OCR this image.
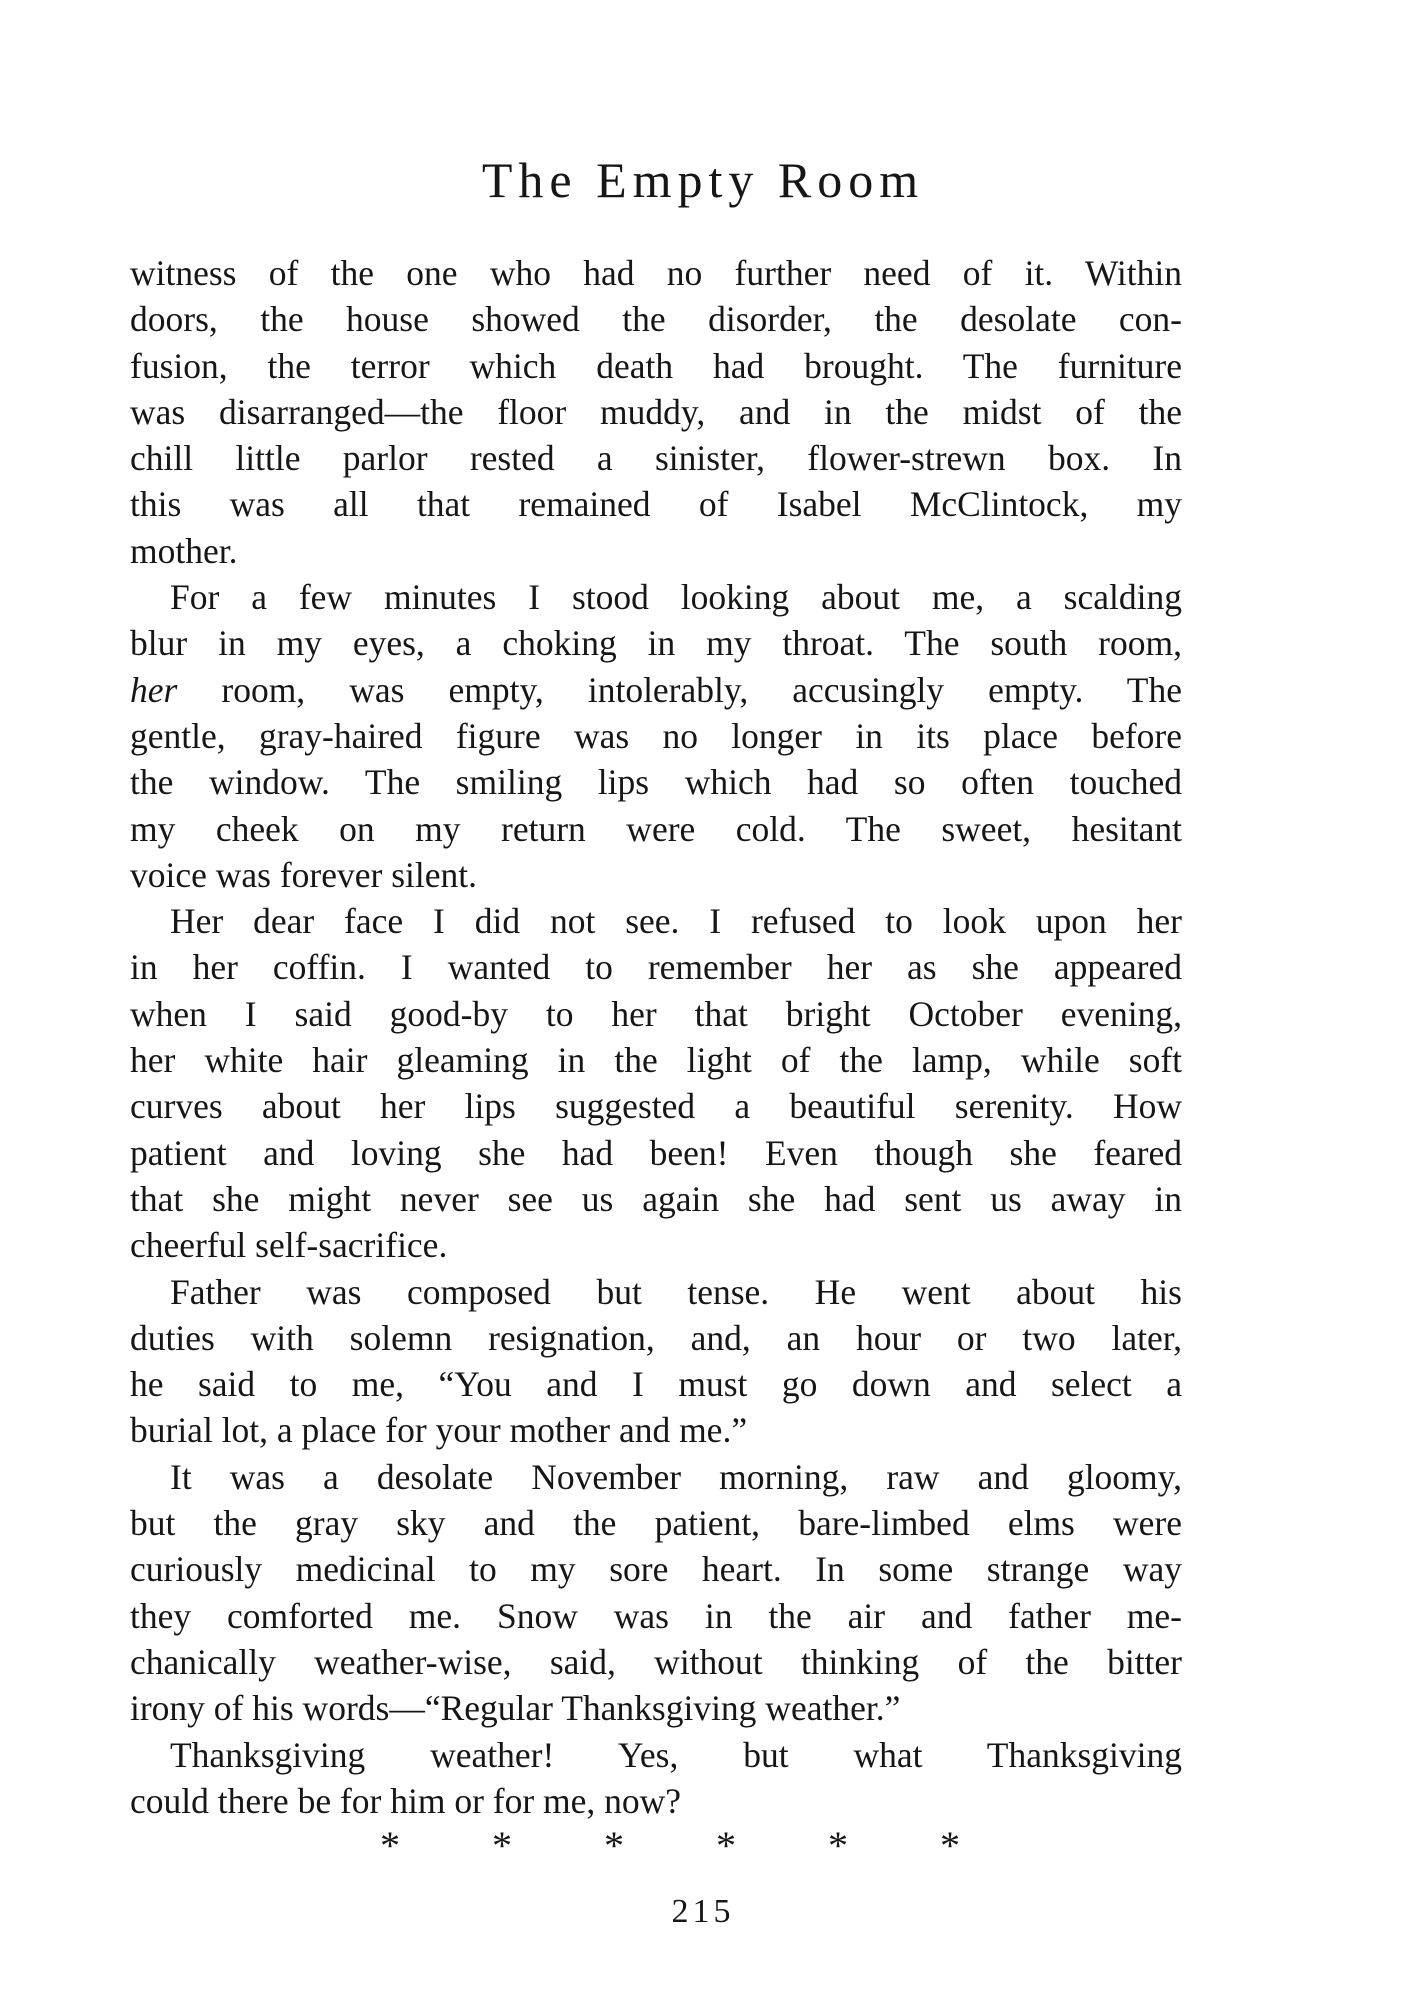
The Empty Room
witness of the one who had no further need of it. Within
doors, the house showed the disorder, the desolate con-
fusion, the terror which death had brought. The furniture
was disarranged—the floor muddy, and in the midst of the
chill little parlor rested a sinister, flower-strewn box. In
this was all that remained of Isabel McClintock, my
mother.
For a few minutes I stood looking about me, a scalding
blur in my eyes, a choking in my throat. The south room,
her room, was empty, intolerably, accusingly empty. The
gentle, gray-haired figure was no longer in its place before
the window. The smiling lips which had so often touched
my cheek on my return were cold. The sweet, hesitant
voice was forever silent.
Her dear face I did not see. I refused to look upon her
in her coffin. I wanted to remember her as she appeared
when I said good-by to her that bright October evening,
her white hair gleaming in the light of the lamp, while soft
curves about her lips suggested a beautiful serenity. How
patient and loving she had been! Even though she feared
that she might never see us again she had sent us away in
cheerful self-sacrifice.
Father was composed but tense. He went about his
duties with solemn resignation, and, an hour or two later,
he said to me, “You and I must go down and select a
burial lot, a place for your mother and me.”
It was a desolate November morning, raw and gloomy,
but the gray sky and the patient, bare-limbed elms were
curiously medicinal to my sore heart. In some strange way
they comforted me. Snow was in the air and father me-
chanically weather-wise, said, without thinking of the bitter
irony of his words—“Regular Thanksgiving weather.”
Thanksgiving weather! Yes, but what Thanksgiving
could there be for him or for me, now?
* * * * * *
215
